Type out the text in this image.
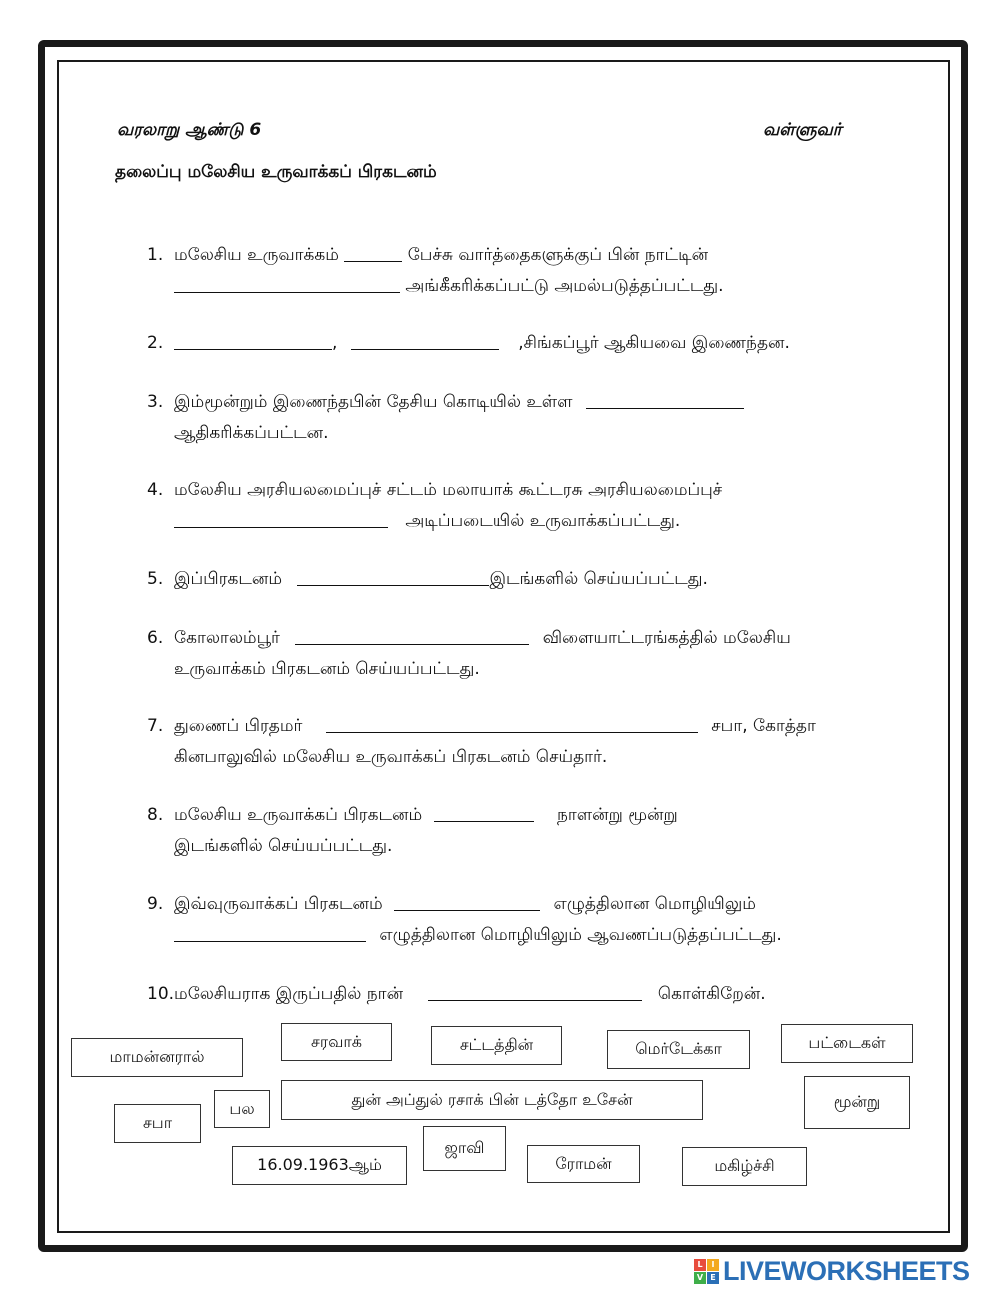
வரலாறு ஆண்டு 6	வள்ளுவர்
தலைப்பு மலேசிய உருவாக்கப் பிரகடனம்
1. மலேசிய உருவாக்கம்	பேச்சு வார்த்தைகளுக்குப் பின் நாட்டின்
அங்கீகரிக்கப்பட்டு அமல்படுத்தப்பட்டது.
2.	,	,சிங்கப்பூர் ஆகியவை இணைந்தன.
3. இம்மூன்றும் இணைந்தபின் தேசிய கொடியில் உள்ள
ஆதிகரிக்கப்பட்டன.
4. மலேசிய அரசியலமைப்புச் சட்டம் மலாயாக் கூட்டரசு அரசியலமைப்புச்
அடிப்படையில் உருவாக்கப்பட்டது.
5. இப்பிரகடனம்	இடங்களில் செய்யப்பட்டது.
6. கோலாலம்பூர்	விளையாட்டரங்கத்தில் மலேசிய
உருவாக்கம் பிரகடனம் செய்யப்பட்டது.
7. துணைப் பிரதமர்	சபா, கோத்தா
கினபாலுவில் மலேசிய உருவாக்கப் பிரகடனம் செய்தார்.
8. மலேசிய உருவாக்கப் பிரகடனம்	நாளன்று மூன்று
இடங்களில் செய்யப்பட்டது.
9. இவ்வுருவாக்கப் பிரகடனம்	எழுத்திலான மொழியிலும்
எழுத்திலான மொழியிலும் ஆவணப்படுத்தப்பட்டது.
10.மலேசியராக இருப்பதில் நான்	கொள்கிறேன்.
மாமன்னரால்
சரவாக்	சட்டத்தின்	மெர்டேக்கா	பட்டைகள்
சபா
பல	துன் அப்துல் ரசாக் பின் டத்தோ உசேன்	மூன்று
16.09.1963ஆம்
ஜாவி
ரோமன்	மகிழ்ச்சி
L	I
V E LIVEWORKSHEETS
